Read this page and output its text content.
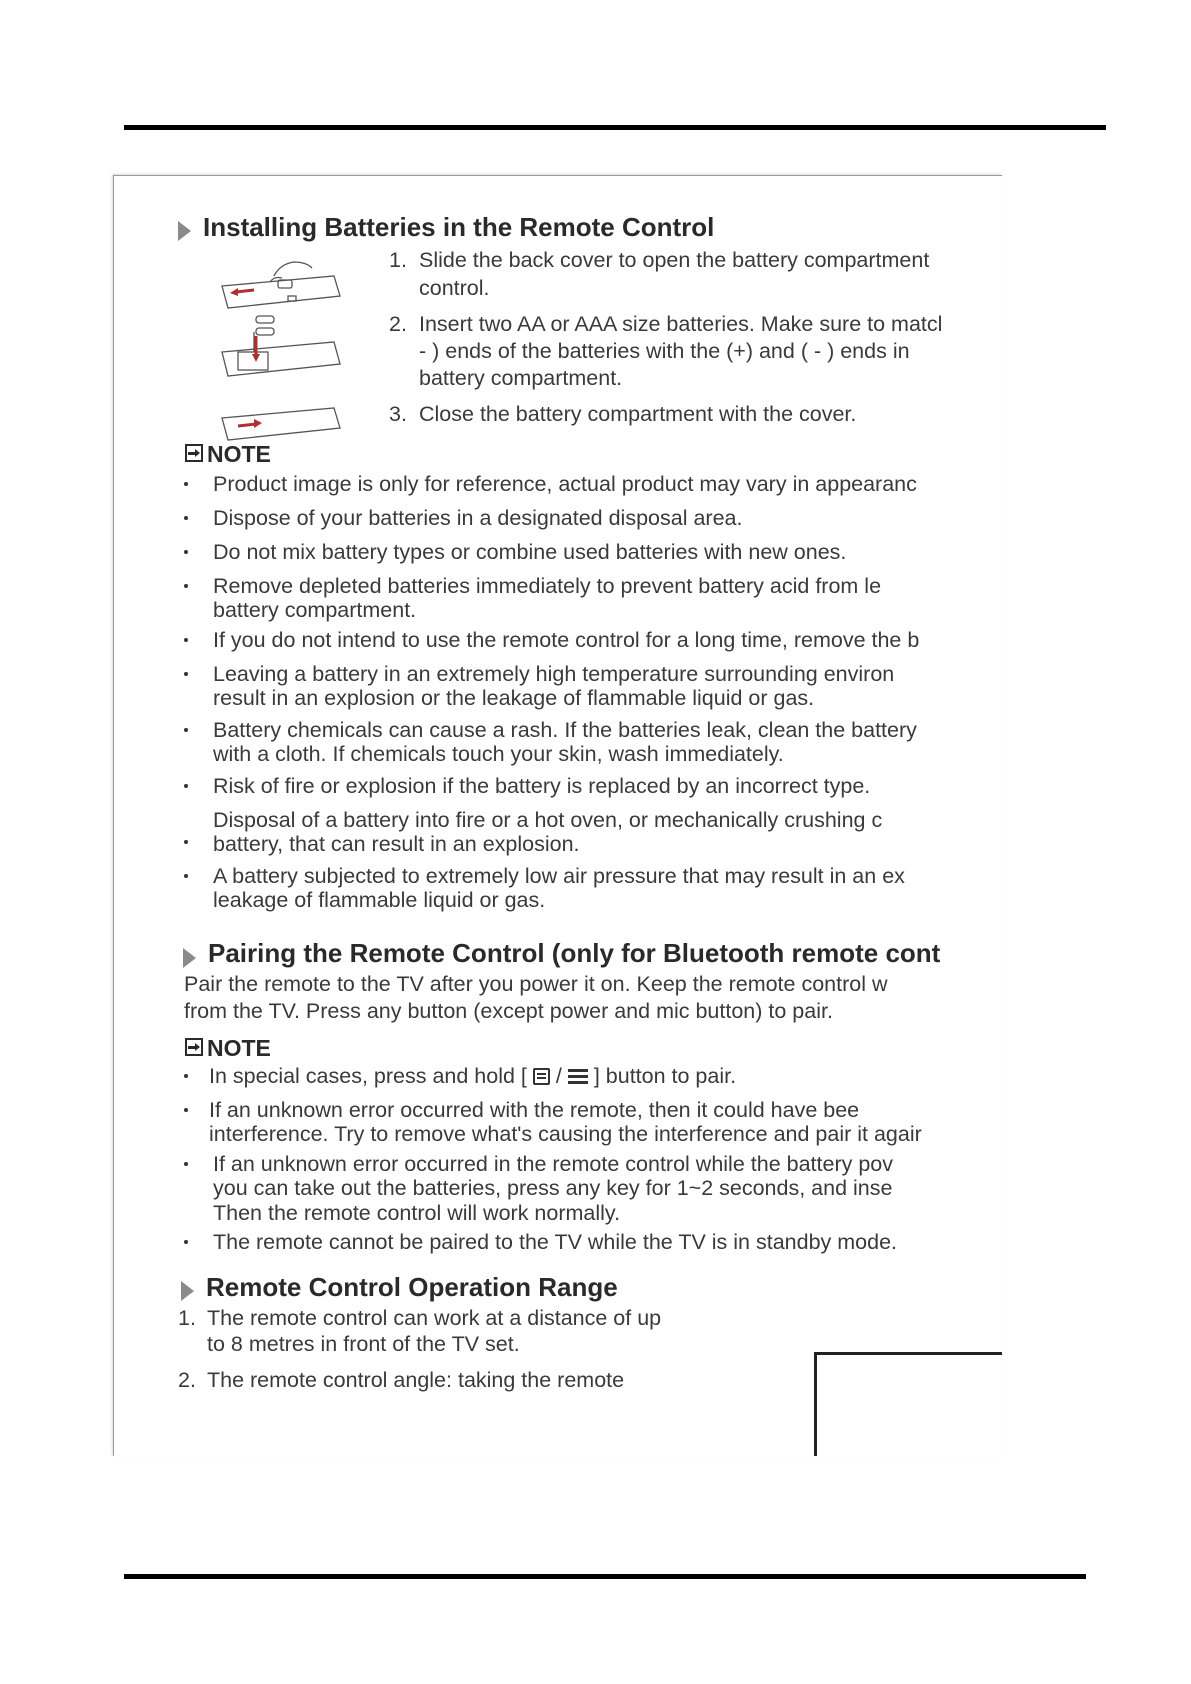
Installing Batteries in the Remote Control
1. Slide the back cover to open the battery compartment
control.
2. Insert two AA or AAA size batteries. Make sure to matcl
- ) ends of the batteries with the (+) and ( - ) ends in
battery compartment.
3. Close the battery compartment with the cover.
NOTE
Product image is only for reference, actual product may vary in appearanc
Dispose of your batteries in a designated disposal area.
Do not mix battery types or combine used batteries with new ones.
Remove depleted batteries immediately to prevent battery acid from le
battery compartment.
If you do not intend to use the remote control for a long time, remove the b
Leaving a battery in an extremely high temperature surrounding environ
result in an explosion or the leakage of flammable liquid or gas.
Battery chemicals can cause a rash. If the batteries leak, clean the battery
with a cloth. If chemicals touch your skin, wash immediately.
Risk of fire or explosion if the battery is replaced by an incorrect type.
Disposal of a battery into fire or a hot oven, or mechanically crushing c
battery, that can result in an explosion.
A battery subjected to extremely low air pressure that may result in an ex
leakage of flammable liquid or gas.
Pairing the Remote Control (only for Bluetooth remote cont
Pair the remote to the TV after you power it on. Keep the remote control w
from the TV. Press any button (except power and mic button) to pair.
NOTE
In special cases, press and hold [ / ] button to pair.
If an unknown error occurred with the remote, then it could have bee
interference. Try to remove what's causing the interference and pair it agair
If an unknown error occurred in the remote control while the battery pov
you can take out the batteries, press any key for 1~2 seconds, and inse
Then the remote control will work normally.
The remote cannot be paired to the TV while the TV is in standby mode.
Remote Control Operation Range
1. The remote control can work at a distance of up
to 8 metres in front of the TV set.
2. The remote control angle: taking the remote
